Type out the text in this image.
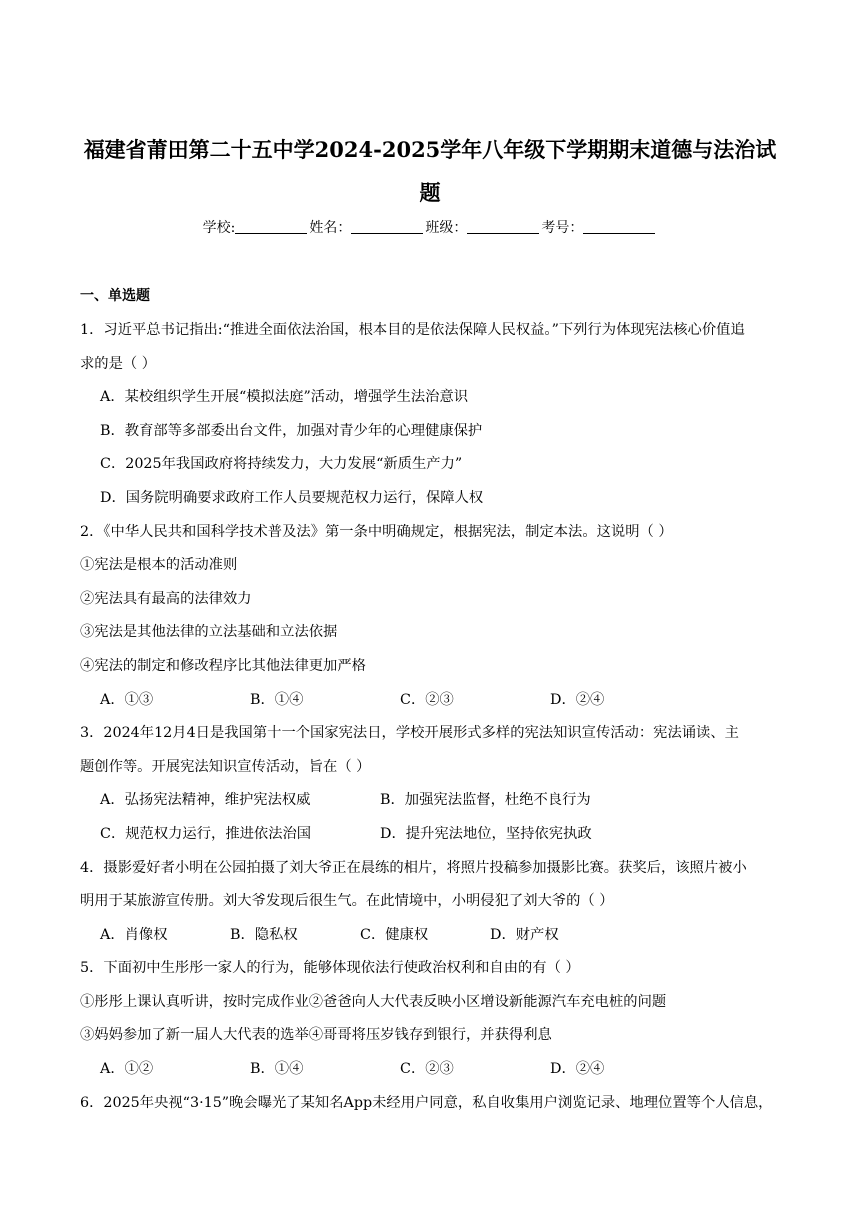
福建省莆田第二十五中学2024-2025学年八年级下学期期末道德与法治试
题
学校:	姓名：	班级：	考号：
一、单选题
1．习近平总书记指出:“推进全面依法治国，根本目的是依法保障人民权益。”下列行为体现宪法核心价值追
求的是（ ）
A．某校组织学生开展“模拟法庭”活动，增强学生法治意识
B．教育部等多部委出台文件，加强对青少年的心理健康保护
C．2025年我国政府将持续发力，大力发展“新质生产力”
D．国务院明确要求政府工作人员要规范权力运行，保障人权
2．《中华人民共和国科学技术普及法》第一条中明确规定，根据宪法，制定本法。这说明（ ）
①宪法是根本的活动准则
②宪法具有最高的法律效力
③宪法是其他法律的立法基础和立法依据
④宪法的制定和修改程序比其他法律更加严格
A．①③	B．①④	C．②③	D．②④
3．2024年12月4日是我国第十一个国家宪法日，学校开展形式多样的宪法知识宣传活动：宪法诵读、主
题创作等。开展宪法知识宣传活动，旨在（ ）
A．弘扬宪法精神，维护宪法权威	B．加强宪法监督，杜绝不良行为
C．规范权力运行，推进依法治国	D．提升宪法地位，坚持依宪执政
4．摄影爱好者小明在公园拍摄了刘大爷正在晨练的相片，将照片投稿参加摄影比赛。获奖后，该照片被小
明用于某旅游宣传册。刘大爷发现后很生气。在此情境中，小明侵犯了刘大爷的（ ）
A．肖像权	B．隐私权	C．健康权	D．财产权
5．下面初中生彤彤一家人的行为，能够体现依法行使政治权利和自由的有（ ）
①彤彤上课认真听讲，按时完成作业②爸爸向人大代表反映小区增设新能源汽车充电桩的问题
③妈妈参加了新一届人大代表的选举④哥哥将压岁钱存到银行，并获得利息
A．①②	B．①④	C．②③	D．②④
6．2025年央视“3·15”晚会曝光了某知名App未经用户同意，私自收集用户浏览记录、地理位置等个人信息，
